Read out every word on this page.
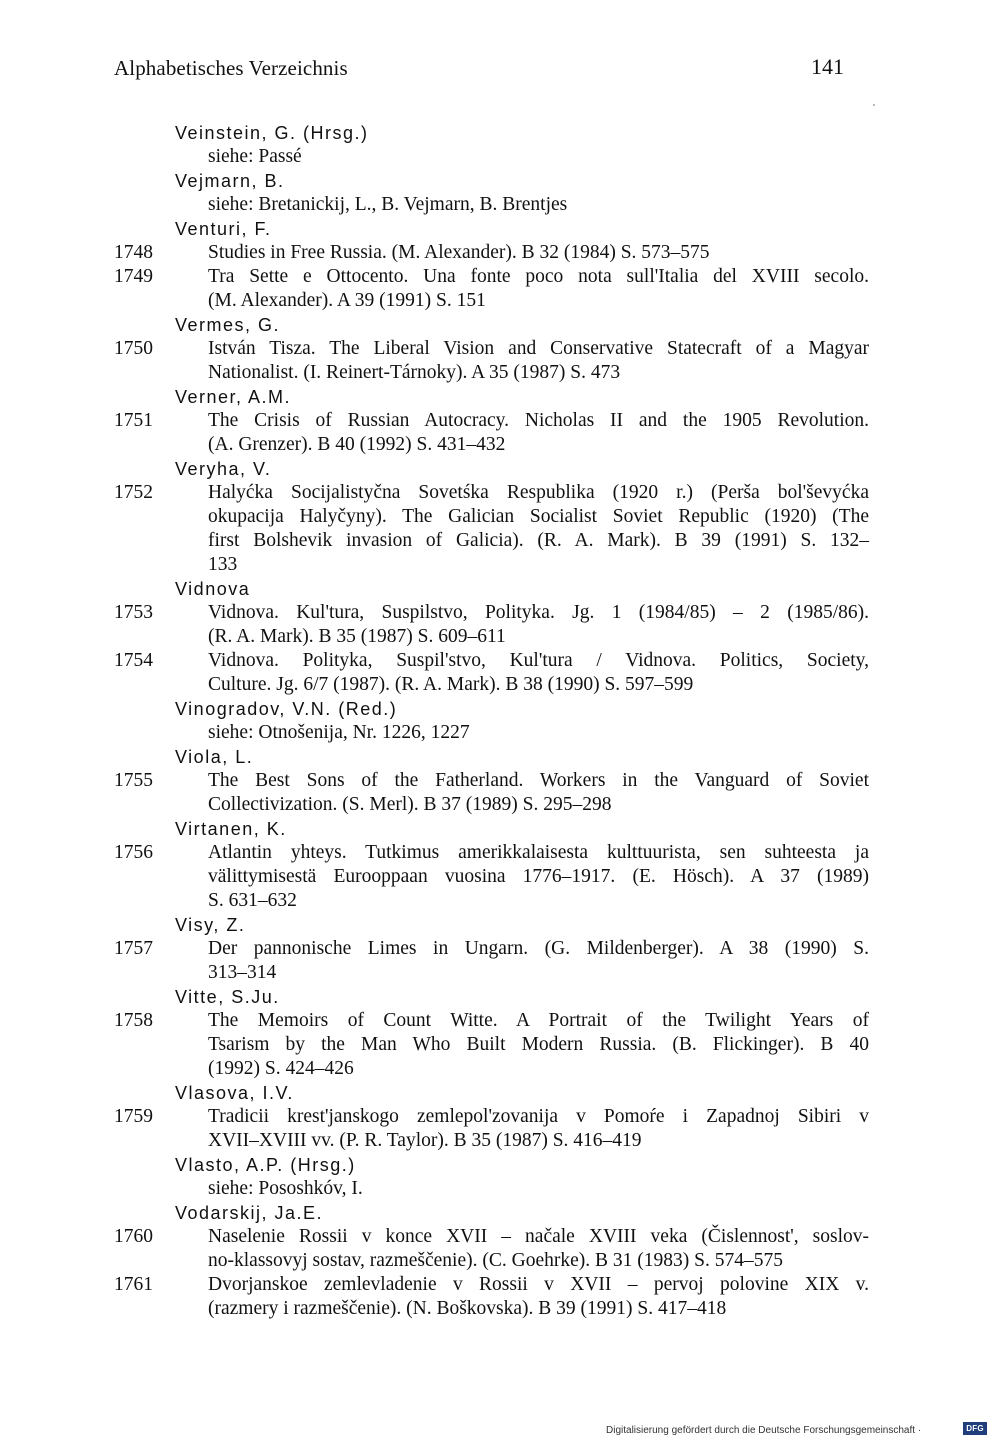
Alphabetisches Verzeichnis	141
Veinstein, G. (Hrsg.)
siehe: Passé
Vejmarn, B.
siehe: Bretanickij, L., B. Vejmarn, B. Brentjes
Venturi, F.
1748	Studies in Free Russia. (M. Alexander). B 32 (1984) S. 573–575
1749	Tra Sette e Ottocento. Una fonte poco nota sull'Italia del XVIII secolo.
(M. Alexander). A 39 (1991) S. 151
Vermes, G.
1750	István Tisza. The Liberal Vision and Conservative Statecraft of a Magyar
Nationalist. (I. Reinert-Tárnoky). A 35 (1987) S. 473
Verner, A.M.
1751	The Crisis of Russian Autocracy. Nicholas II and the 1905 Revolution.
(A. Grenzer). B 40 (1992) S. 431–432
Veryha, V.
1752	Halyćka Socijalistyčna Sovetśka Respublika (1920 r.) (Perša bol'ševyćka
okupacija Halyčyny). The Galician Socialist Soviet Republic (1920) (The
first Bolshevik invasion of Galicia). (R. A. Mark). B 39 (1991) S. 132–
133
Vidnova
1753	Vidnova. Kul'tura, Suspilstvo, Polityka. Jg. 1 (1984/85) – 2 (1985/86).
(R. A. Mark). B 35 (1987) S. 609–611
1754	Vidnova. Polityka, Suspil'stvo, Kul'tura / Vidnova. Politics, Society,
Culture. Jg. 6/7 (1987). (R. A. Mark). B 38 (1990) S. 597–599
Vinogradov, V.N. (Red.)
siehe: Otnošenija, Nr. 1226, 1227
Viola, L.
1755	The Best Sons of the Fatherland. Workers in the Vanguard of Soviet
Collectivization. (S. Merl). B 37 (1989) S. 295–298
Virtanen, K.
1756	Atlantin yhteys. Tutkimus amerikkalaisesta kulttuurista, sen suhteesta ja
välittymisestä Eurooppaan vuosina 1776–1917. (E. Hösch). A 37 (1989)
S. 631–632
Visy, Z.
1757	Der pannonische Limes in Ungarn. (G. Mildenberger). A 38 (1990) S.
313–314
Vitte, S.Ju.
1758	The Memoirs of Count Witte. A Portrait of the Twilight Years of
Tsarism by the Man Who Built Modern Russia. (B. Flickinger). B 40
(1992) S. 424–426
Vlasova, I.V.
1759	Tradicii krest'janskogo zemlepol'zovanija v Pomoŕe i Zapadnoj Sibiri v
XVII–XVIII vv. (P. R. Taylor). B 35 (1987) S. 416–419
Vlasto, A.P. (Hrsg.)
siehe: Pososhkóv, I.
Vodarskij, Ja.E.
1760	Naselenie Rossii v konce XVII – načale XVIII veka (Čislennost', soslov-
no-klassovyj sostav, razmeščenie). (C. Goehrke). B 31 (1983) S. 574–575
1761	Dvorjanskoe zemlevladenie v Rossii v XVII – pervoj polovine XIX v.
(razmery i razmeščenie). (N. Boškovska). B 39 (1991) S. 417–418
Digitalisierung gefördert durch die Deutsche Forschungsgemeinschaft ·	DFG
